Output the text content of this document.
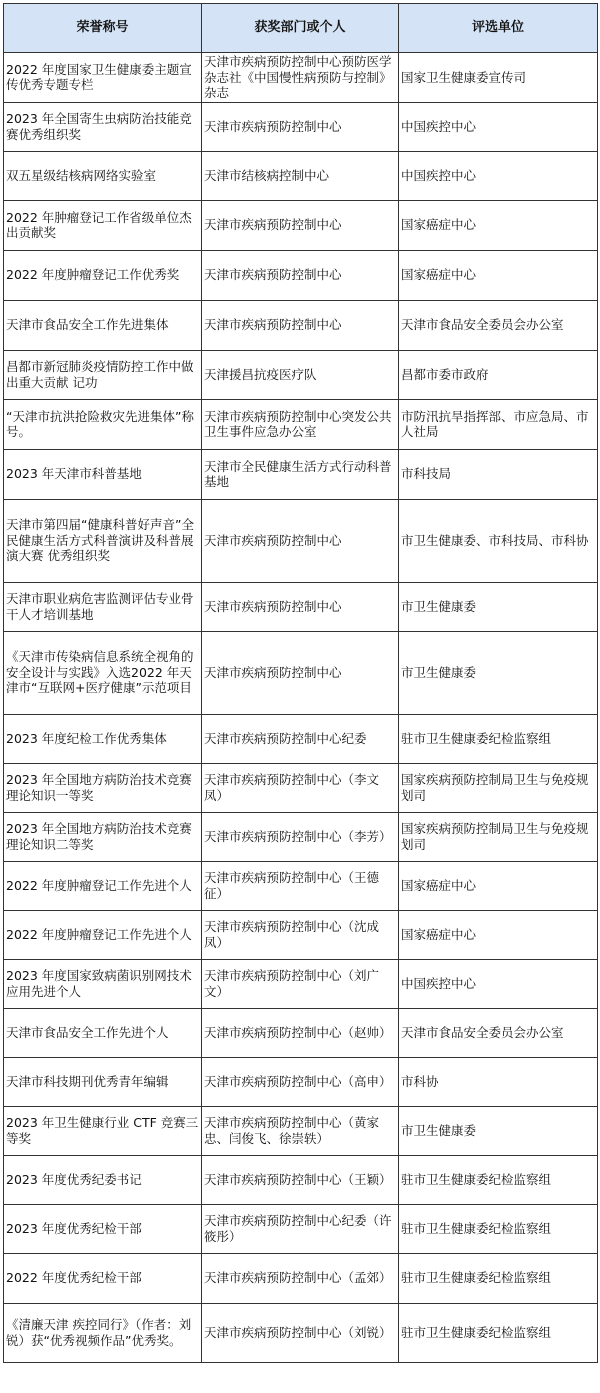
荣誉称号	获奖部门或个人	评选单位
2022 年度国家卫生健康委主题宣传优秀专题专栏	天津市疾病预防控制中心预防医学杂志社《中国慢性病预防与控制》杂志	国家卫生健康委宣传司
2023 年全国寄生虫病防治技能竞赛优秀组织奖	天津市疾病预防控制中心	中国疾控中心
双五星级结核病网络实验室	天津市结核病控制中心	中国疾控中心
2022 年肿瘤登记工作省级单位杰出贡献奖	天津市疾病预防控制中心	国家癌症中心
2022 年度肿瘤登记工作优秀奖	天津市疾病预防控制中心	国家癌症中心
天津市食品安全工作先进集体	天津市疾病预防控制中心	天津市食品安全委员会办公室
昌都市新冠肺炎疫情防控工作中做出重大贡献 记功	天津援昌抗疫医疗队	昌都市委市政府
“天津市抗洪抢险救灾先进集体”称号。	天津市疾病预防控制中心突发公共卫生事件应急办公室	市防汛抗旱指挥部、市应急局、市人社局
2023 年天津市科普基地	天津市全民健康生活方式行动科普基地	市科技局
天津市第四届“健康科普好声音”全民健康生活方式科普演讲及科普展演大赛 优秀组织奖	天津市疾病预防控制中心	市卫生健康委、市科技局、市科协
天津市职业病危害监测评估专业骨干人才培训基地	天津市疾病预防控制中心	市卫生健康委
《天津市传染病信息系统全视角的安全设计与实践》入选2022 年天津市“互联网+医疗健康”示范项目	天津市疾病预防控制中心	市卫生健康委
2023 年度纪检工作优秀集体	天津市疾病预防控制中心纪委	驻市卫生健康委纪检监察组
2023 年全国地方病防治技术竞赛理论知识一等奖	天津市疾病预防控制中心（李文凤）	国家疾病预防控制局卫生与免疫规划司
2023 年全国地方病防治技术竞赛理论知识二等奖	天津市疾病预防控制中心（李芳）	国家疾病预防控制局卫生与免疫规划司
2022 年度肿瘤登记工作先进个人	天津市疾病预防控制中心（王德征）	国家癌症中心
2022 年度肿瘤登记工作先进个人	天津市疾病预防控制中心（沈成凤）	国家癌症中心
2023 年度国家致病菌识别网技术应用先进个人	天津市疾病预防控制中心（刘广文）	中国疾控中心
天津市食品安全工作先进个人	天津市疾病预防控制中心（赵帅）	天津市食品安全委员会办公室
天津市科技期刊优秀青年编辑	天津市疾病预防控制中心（高申）	市科协
2023 年卫生健康行业 CTF 竞赛三等奖	天津市疾病预防控制中心（黄家忠、闫俊飞、徐崇轶）	市卫生健康委
2023 年度优秀纪委书记	天津市疾病预防控制中心（王颖）	驻市卫生健康委纪检监察组
2023 年度优秀纪检干部	天津市疾病预防控制中心纪委（许筱彤）	驻市卫生健康委纪检监察组
2022 年度优秀纪检干部	天津市疾病预防控制中心（孟郊）	驻市卫生健康委纪检监察组
《清廉天津 疾控同行》（作者：刘锐）获“优秀视频作品”优秀奖。	天津市疾病预防控制中心（刘锐）	驻市卫生健康委纪检监察组
